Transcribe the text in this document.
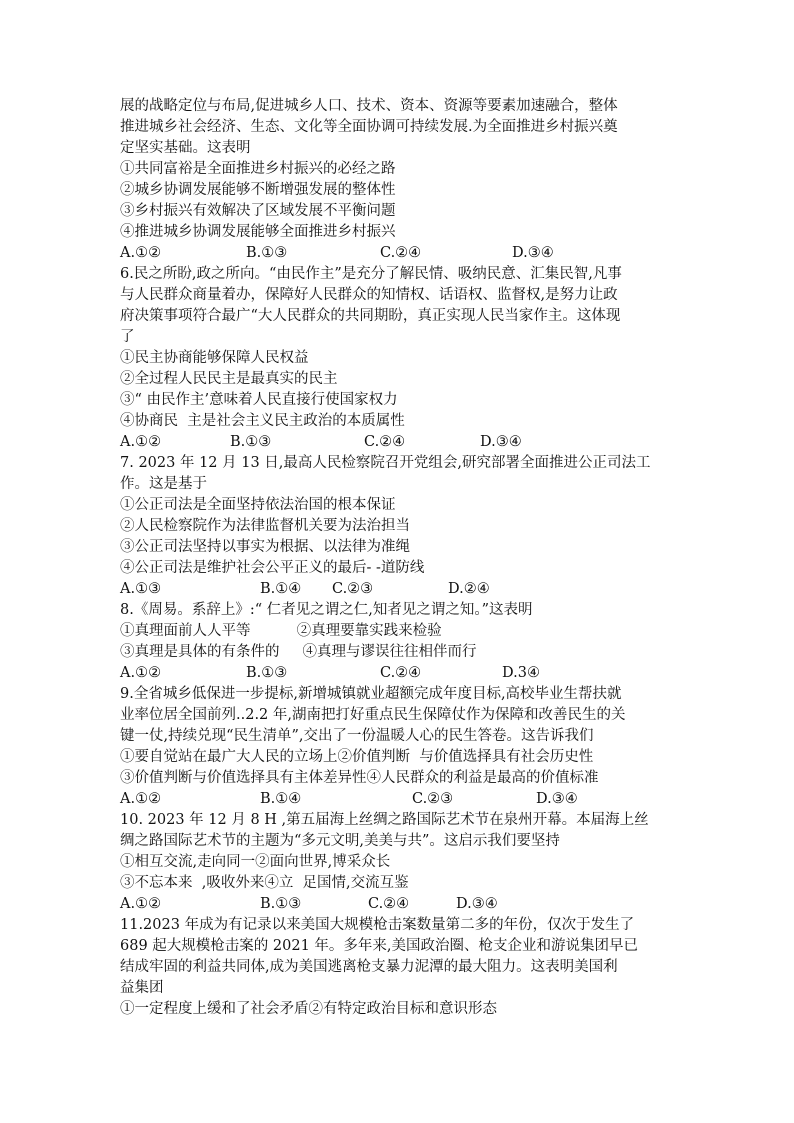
展的战略定位与布局,促进城乡人口、技术、资本、资源等要素加速融合，整体
推进城乡社会经济、生态、文化等全面协调可持续发展.为全面推进乡村振兴奠
定坚实基础。这表明
①共同富裕是全面推进乡村振兴的必经之路
②城乡协调发展能够不断增强发展的整体性
③乡村振兴有效解决了区域发展不平衡问题
④推进城乡协调发展能够全面推进乡村振兴
A.①②	B.①③	C.②④	D.③④
6.民之所盼,政之所向。“由民作主”是充分了解民情、吸纳民意、汇集民智,凡事
与人民群众商量着办，保障好人民群众的知情权、话语权、监督权,是努力让政
府决策事项符合最广“大人民群众的共同期盼，真正实现人民当家作主。这体现
了
①民主协商能够保障人民权益
②全过程人民民主是最真实的民主
③“ 由民作主’意味着人民直接行使国家权力
④协商民  主是社会主义民主政治的本质属性
A.①②	B.①③	C.②④	D.③④
7. 2023 年 12 月 13 日,最高人民检察院召开党组会,研究部署全面推进公正司法工
作。这是基于
①公正司法是全面坚持依法治国的根本保证
②人民检察院作为法律监督机关要为法治担当
③公正司法坚持以事实为根据、以法律为准绳
④公正司法是维护社会公平正义的最后- -道防线
A.①③	B.①④ C.②③	D.②④
8.《周易。系辞上》:“ 仁者见之谓之仁,知者见之谓之知。”这表明
①真理面前人人平等          ②真理要靠实践来检验
③真理是具体的有条件的     ④真理与谬误往往相伴而行
A.①②	B.①③	C.②④	D.3④
9.全省城乡低保进一步提标,新增城镇就业超额完成年度目标,高校毕业生帮扶就
业率位居全国前列..2.2 年,湖南把打好重点民生保障仗作为保障和改善民生的关
键一仗,持续兑现“民生清单”,交出了一份温暖人心的民生答卷。这告诉我们
①要自觉站在最广大人民的立场上②价值判断  与价值选择具有社会历史性
③价值判断与价值选择具有主体差异性④人民群众的利益是最高的价值标准
A.①②	B.①④	C.②③	D.③④
10. 2023 年 12 月 8 H ,第五届海上丝绸之路国际艺术节在泉州开幕。本届海上丝
绸之路国际艺术节的主题为“多元文明,美美与共”。这启示我们要坚持
①相互交流,走向同一②面向世界,博采众长
③不忘本来  ,吸收外来④立  足国情,交流互鉴
A.①②	B.①③	C.②④	D.③④
11.2023 年成为有记录以来美国大规模枪击案数量第二多的年份，仅次于发生了
689 起大规模枪击案的 2021 年。多年来,美国政治圈、枪支企业和游说集团早已
结成牢固的利益共同体,成为美国逃离枪支暴力泥潭的最大阻力。这表明美国利
益集团
①一定程度上缓和了社会矛盾②有特定政治目标和意识形态
